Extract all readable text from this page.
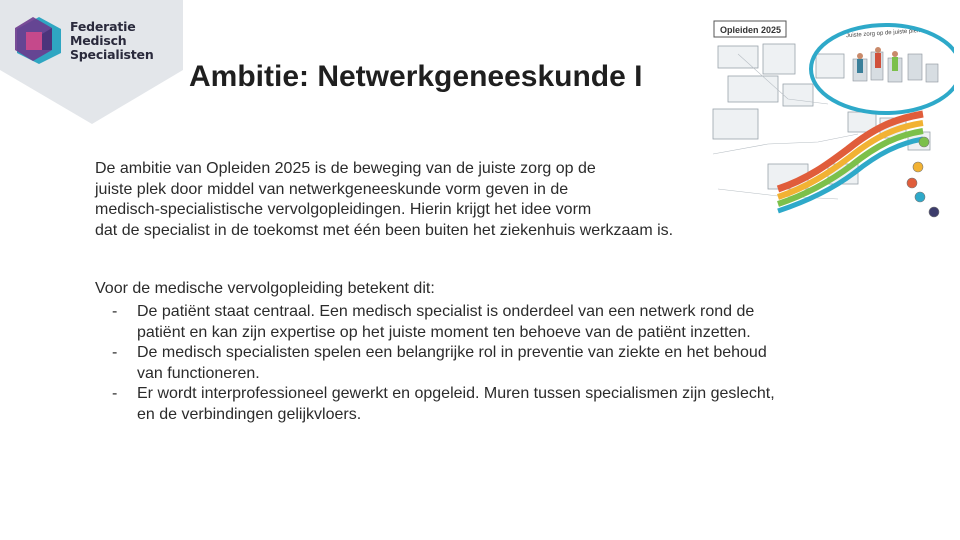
Federatie
Medisch
Specialisten
Ambitie: Netwerkgeneeskunde I
Opleiden 2025	Juiste zorg op de juiste plek
De ambitie van Opleiden 2025 is de beweging van de juiste zorg op de
juiste plek door middel van netwerkgeneeskunde vorm geven in de
medisch-specialistische vervolgopleidingen. Hierin krijgt het idee vorm
dat de specialist in de toekomst met één been buiten het ziekenhuis werkzaam is.
Voor de medische vervolgopleiding betekent dit:
- De patiënt staat centraal. Een medisch specialist is onderdeel van een netwerk rond de
patiënt en kan zijn expertise op het juiste moment ten behoeve van de patiënt inzetten.
- De medisch specialisten spelen een belangrijke rol in preventie van ziekte en het behoud
van functioneren.
- Er wordt interprofessioneel gewerkt en opgeleid. Muren tussen specialismen zijn geslecht,
en de verbindingen gelijkvloers.
